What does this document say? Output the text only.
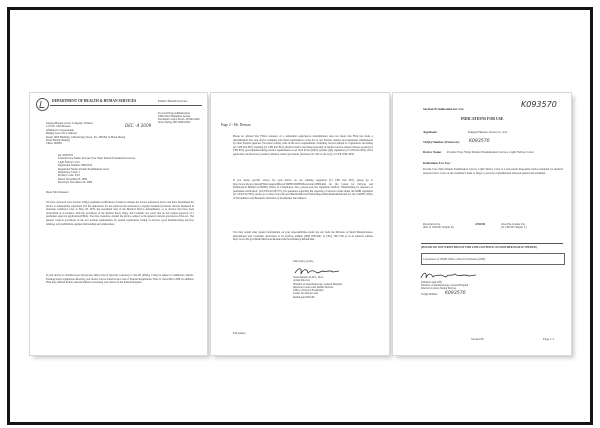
DEPARTMENT OF HEALTH & HUMAN SERVICES	Public Health Service
Food and Drug Administration
10903 New Hampshire Avenue
Document Control Room -WO66-G609
Silver Spring, MD 20993-0002
Jiangsu Haynes Glove Company, Limited
C/O Mr. Chin Deason
Affiliated Correspondent
Beijing Guo Cifu Company
Room 1006 Building, Chinxiwang Tower, No. 289 Bei Si Huan Zhong
Road Hai Di, Beijing
China 100083
DEC -4 2009
Re: K093570
Trade/Device Name: Powder Free Vinyl Patient Examination Gloves,
Light Yellow Color
Regulation Number: 880.6250
Regulation Name: Patient Examination Glove
Regulatory Class: I
Product Code: LYZ
Dated: November 8, 2009
Received: November 20, 2009
Dear Mr. Deason:
We have reviewed your Section 510(k) premarket notification of intent to market the device referenced above and have determined the device is substantially equivalent (for the indications for use stated in the enclosure) to legally marketed predicate devices marketed in interstate commerce prior to May 28, 1976, the enactment date of the Medical Device Amendments, or to devices that have been reclassified in accordance with the provisions of the Federal Food, Drug, and Cosmetic Act (Act) that do not require approval of a premarket approval application (PMA). You may, therefore, market the device, subject to the general controls provisions of the Act. The general controls provisions of the Act include requirements for annual registration, listing of devices, good manufacturing practice, labeling, and prohibitions against misbranding and adulteration.
If your device is classified (see above) into either class II (Special Controls) or class III (PMA), it may be subject to additional controls. Existing major regulations affecting your device can be found in the Code of Federal Regulations, Title 21, Parts 800 to 898. In addition, FDA may publish further announcements concerning your device in the Federal Register.
Page 2 - Mr. Deason
Please be advised that FDA's issuance of a substantial equivalence determination does not mean that FDA has made a determination that your device complies with other requirements of the Act or any Federal statutes and regulations administered by other Federal agencies. You must comply with all the Act's requirements, including, but not limited to: registration and listing (21 CFR Part 807); labeling (21 CFR Part 801); medical device reporting (reporting of medical device-related adverse events) (21 CFR 803); good manufacturing practice requirements as set forth in the quality systems (QS) regulation (21 CFR Part 820); and if applicable, the electronic product radiation control provisions (Sections 531-542 of the Act); 21 CFR 1000-1050.
If you desire specific advice for your device on our labeling regulation (21 CFR Part 801), please go to http://www.fda.gov/AboutFDA/CentersOffices/CDRH/CDRHOffices/ucm115809.htm for the Center for Devices and Radiological Health's (CDRH's) Office of Compliance. Also, please note the regulation entitled, "Misbranding by reference to premarket notification" (21CFR Part 807.97). For questions regarding the reporting of adverse events under the MDR regulation (21 CFR Part 803), please go to http://www.fda.gov/MedicalDevices/Safety/ReportaProblem/default.htm for the CDRH's Office of Surveillance and Biometrics/Division of Postmarket Surveillance.
You may obtain other general information on your responsibilities under the Act from the Division of Small Manufacturers, International and Consumer Assistance at its toll-free number (800) 638-2041 or (301) 796-7100 or at its Internet address http://www.fda.gov/MedicalDevices/ResourcesforYou/Industry/default.htm.
Sincerely yours,
Susan Runner, D.D.S., M.A.
Acting Director
Division of Anesthesiology, General Hospital,
Infection Control and Dental Devices
Office of Device Evaluation
Center for Devices and
Radiological Health
Enclosure
Section B Indication for Use	K093570
INDICATIONS FOR USE
Applicant:	Jiangsu Haynes Glove Co.,Ltd
510(k) Number (if known):	K093570
Device Name:	Powder Free Vinyl Patient Examination Gloves, Light Yellow Color
Indications For Use:
Powder Free Vinyl Patient Examination Gloves, Light Yellow Color is a non-sterile disposable device intended for medical purpose that is worn on the examiner's hand or finger to prevent contamination between patient and examiner.
Prescription Use
(Part 21 CFR 801 Subpart D)
AND/OR	Over-The-Counter Use
(21 CFR 807 Subpart C)
(PLEASE DO NOT WRITE BELOW THIS LINE-CONTINUE ON ANOTHER PAGE IF NEEDED)
Concurrence of CDRH, Office of Device Evaluation (ODE)
(Division Sign-Off)
Division of Anesthesiology, General Hospital
Infection Control, Dental Devices
510(k) Number:	K093570
Section B	Page 1/1
